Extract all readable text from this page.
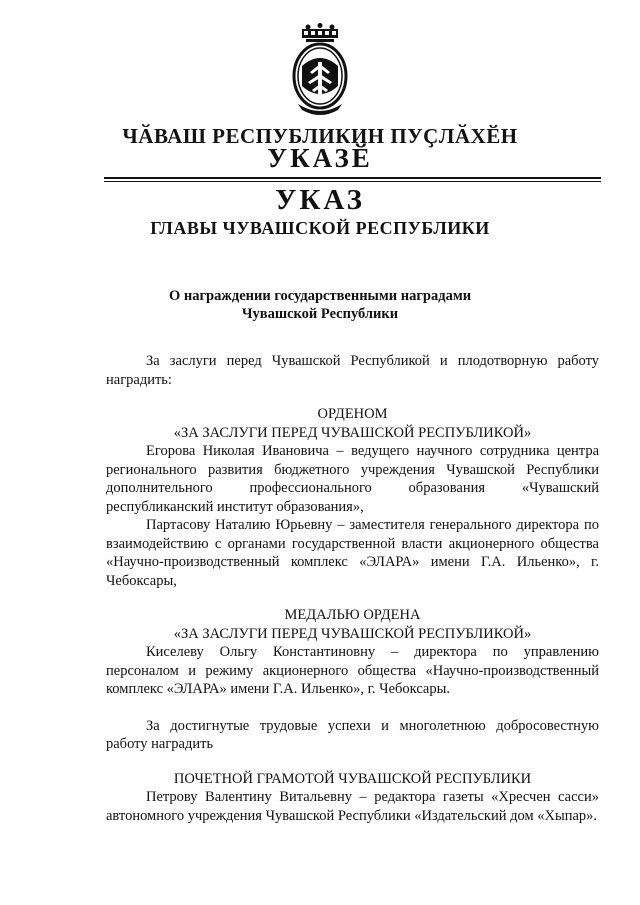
ЧӐВАШ РЕСПУБЛИКИН ПУҪЛӐХӖН
УКАЗӖ
УКАЗ
ГЛАВЫ ЧУВАШСКОЙ РЕСПУБЛИКИ
О награждении государственными наградами
Чувашской Республики

За заслуги перед Чувашской Республикой и плодотворную работу наградить:

ОРДЕНОМ

«ЗА ЗАСЛУГИ ПЕРЕД ЧУВАШСКОЙ РЕСПУБЛИКОЙ»

Егорова Николая Ивановича – ведущего научного сотрудника центра регионального развития бюджетного учреждения Чувашской Республики дополнительного профессионального образования «Чувашский республиканский институт образования»,

Партасову Наталию Юрьевну – заместителя генерального директора по взаимодействию с органами государственной власти акционерного общества «Научно-производственный комплекс «ЭЛАРА» имени Г.А. Ильенко», г. Чебоксары,

МЕДАЛЬЮ ОРДЕНА

«ЗА ЗАСЛУГИ ПЕРЕД ЧУВАШСКОЙ РЕСПУБЛИКОЙ»

Киселеву Ольгу Константиновну – директора по управлению персоналом и режиму акционерного общества «Научно-производственный комплекс «ЭЛАРА» имени Г.А. Ильенко», г. Чебоксары.

За достигнутые трудовые успехи и многолетнюю добросовестную работу наградить

ПОЧЕТНОЙ ГРАМОТОЙ ЧУВАШСКОЙ РЕСПУБЛИКИ

Петрову Валентину Витальевну – редактора газеты «Хресчен сасси» автономного учреждения Чувашской Республики «Издательский дом «Хыпар».
